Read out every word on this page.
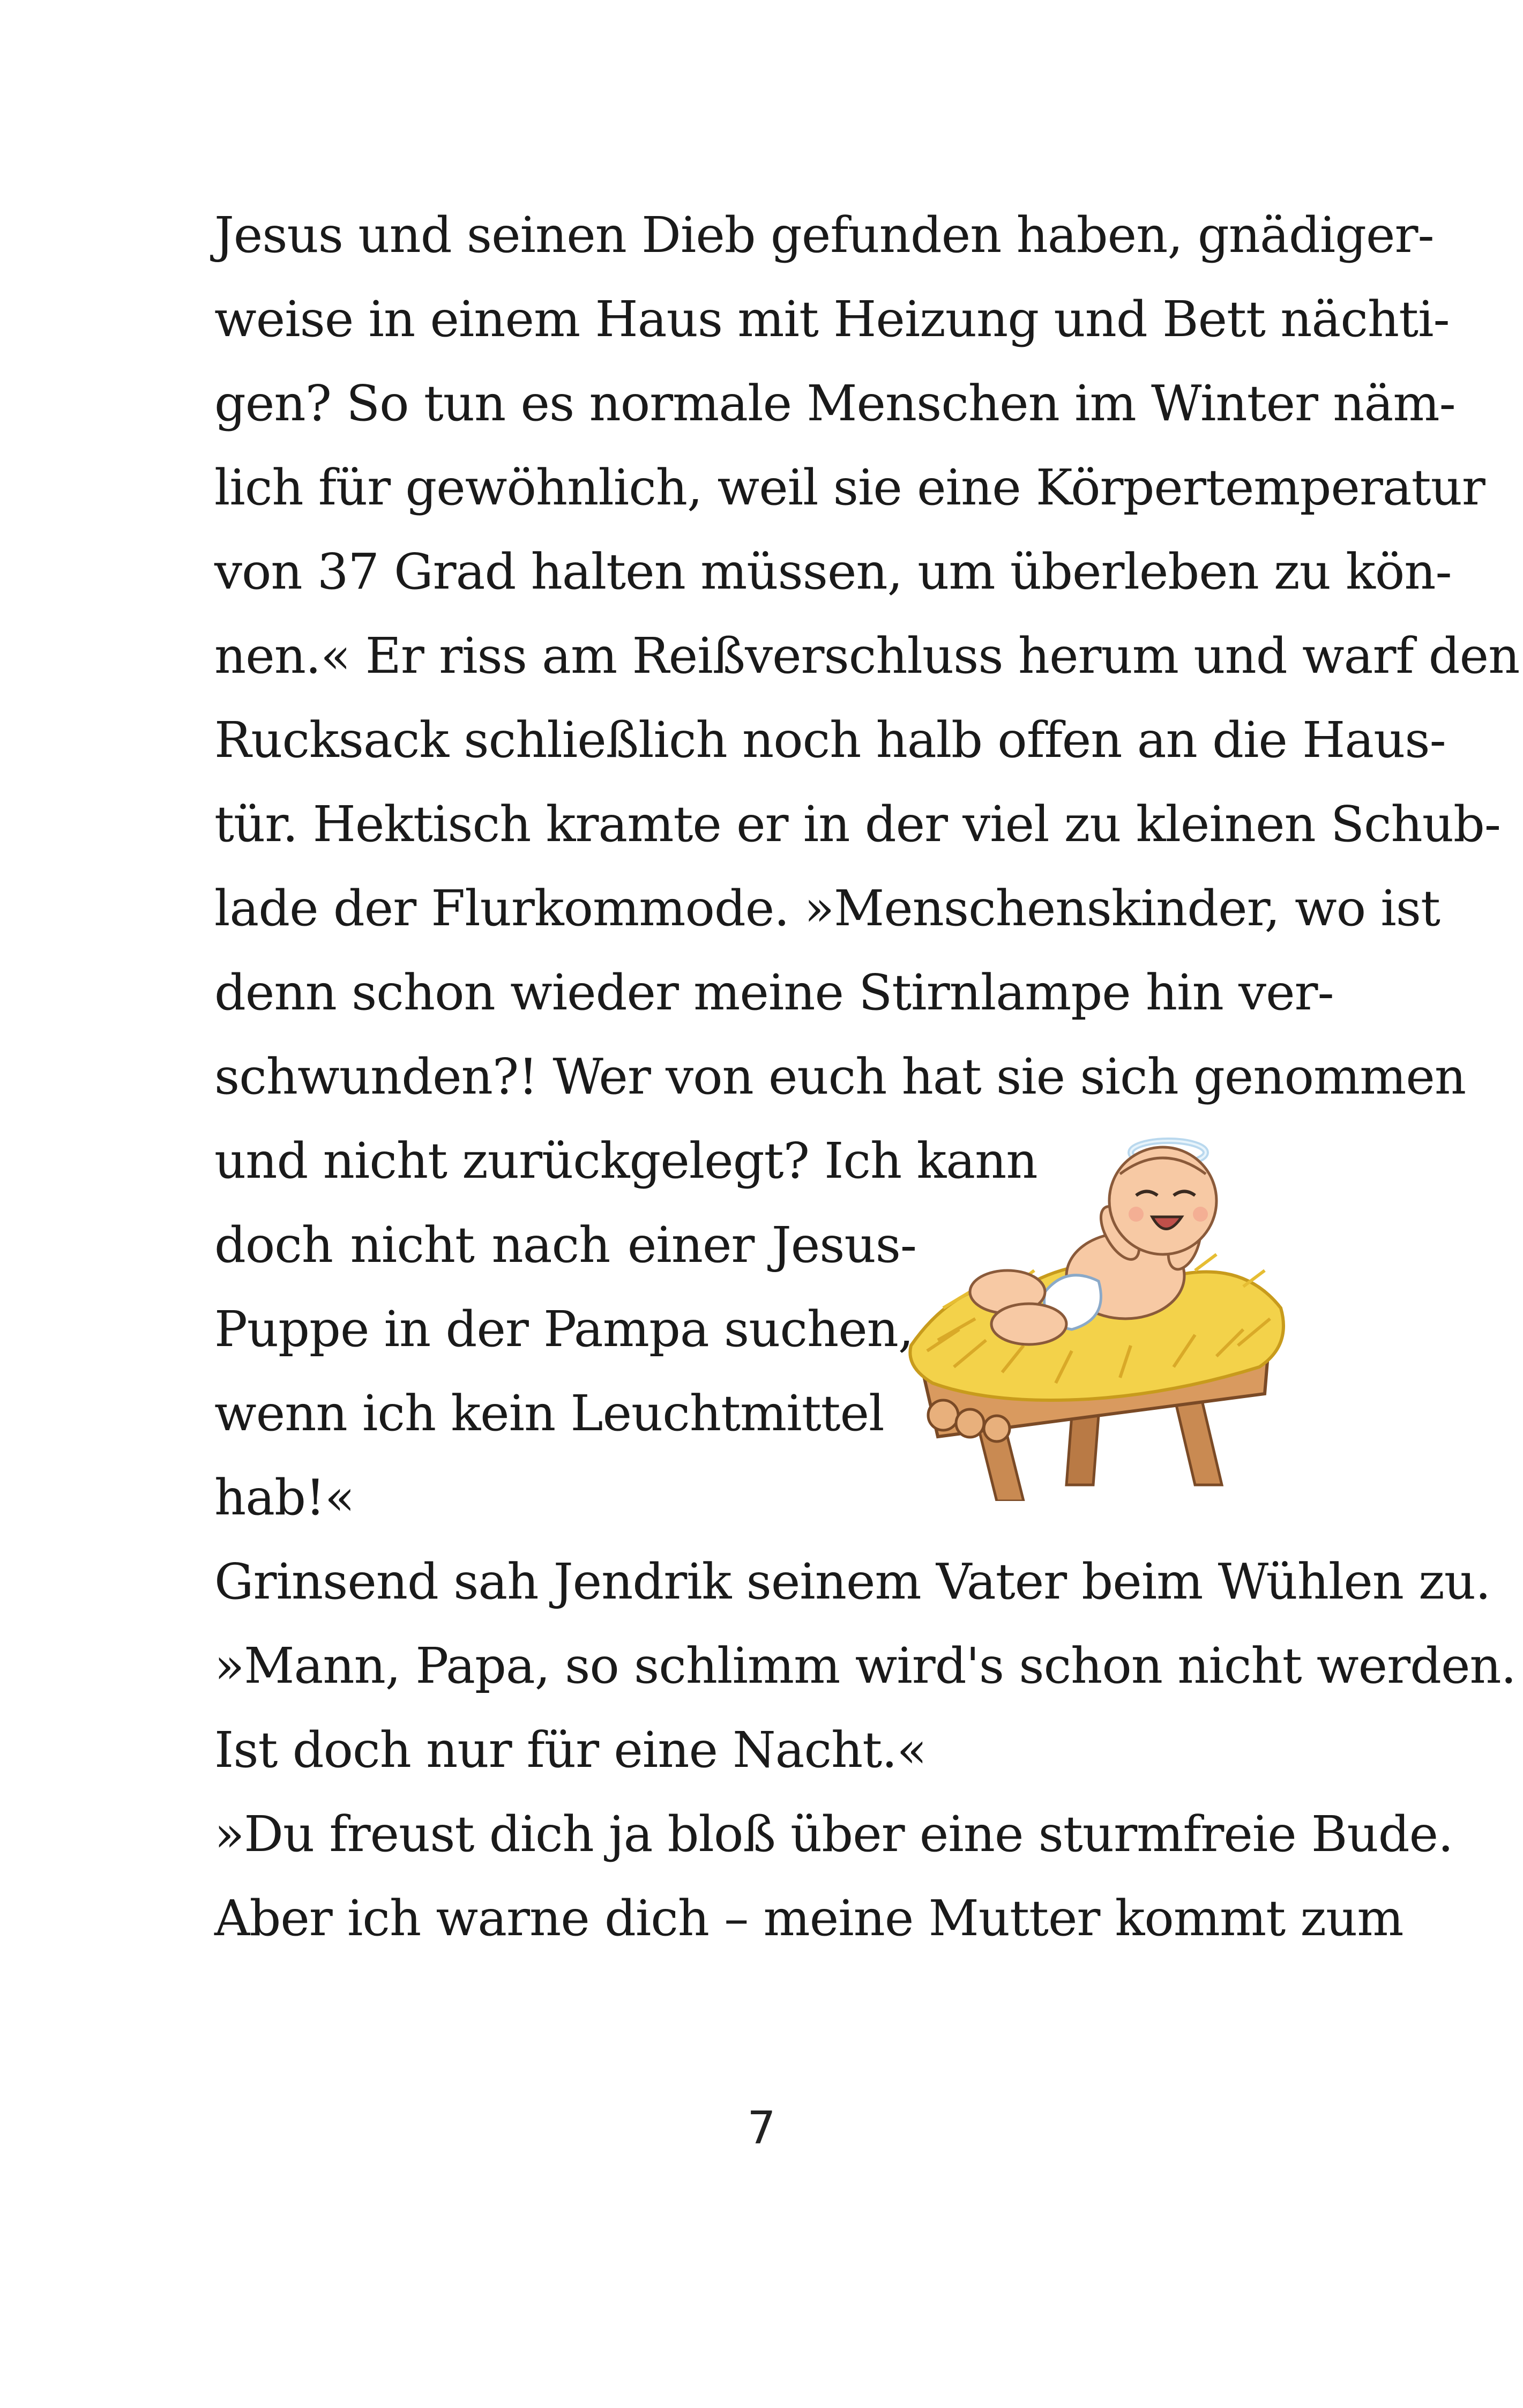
Jesus und seinen Dieb gefunden haben, gnädiger-
weise in einem Haus mit Heizung und Bett nächti-
gen? So tun es normale Menschen im Winter näm-
lich für gewöhnlich, weil sie eine Körpertemperatur
von 37 Grad halten müssen, um überleben zu kön-
nen.« Er riss am Reißverschluss herum und warf den
Rucksack schließlich noch halb offen an die Haus-
tür. Hektisch kramte er in der viel zu kleinen Schub-
lade der Flurkommode. »Menschenskinder, wo ist
denn schon wieder meine Stirnlampe hin ver-
schwunden?! Wer von euch hat sie sich genommen
und nicht zurückgelegt? Ich kann
doch nicht nach einer Jesus-
Puppe in der Pampa suchen,
wenn ich kein Leuchtmittel
hab!«
Grinsend sah Jendrik seinem Vater beim Wühlen zu.
»Mann, Papa, so schlimm wird's schon nicht werden.
Ist doch nur für eine Nacht.«
»Du freust dich ja bloß über eine sturmfreie Bude.
Aber ich warne dich – meine Mutter kommt zum
7
